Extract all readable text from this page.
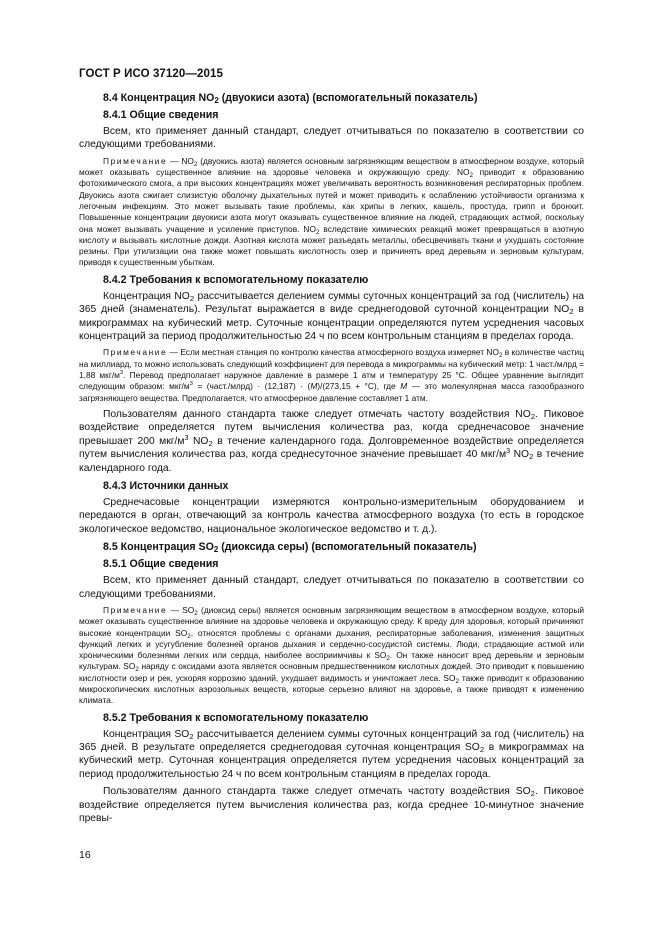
ГОСТ Р ИСО 37120—2015
8.4 Концентрация $NO_2$ (двуокиси азота) (вспомогательный показатель)
8.4.1 Общие сведения

Всем, кто применяет данный стандарт, следует отчитываться по показателю в соответствии со следующими требованиями.

Примечание — $NO_2$ (двуокись азота) является основным загрязняющим веществом в атмосферном воздухе, который может оказывать существенное влияние на здоровье человека и окружающую среду. $NO_2$ приводит к образованию фотохимического смога, а при высоких концентрациях может увеличивать вероятность возникновения респираторных проблем. Двуокись азота сжигает слизистую оболочку дыхательных путей и может приводить к ослаблению устойчивости организма к легочным инфекциям. Это может вызывать такие проблемы, как хрипы в легких, кашель, простуда, грипп и бронхит. Повышенные концентрации двуокиси азота могут оказывать существенное влияние на людей, страдающих астмой, поскольку она может вызывать учащение и усиление приступов. $NO_2$ вследствие химических реакций может превращаться в азотную кислоту и вызывать кислотные дожди. Азотная кислота может разъедать металлы, обесцвечивать ткани и ухудшать состояние резины. При утилизации она также может повышать кислотность озер и причинять вред деревьям и зерновым культурам, приводя к существенным убыткам.

8.4.2 Требования к вспомогательному показателю

Концентрация $NO_2$ рассчитывается делением суммы суточных концентраций за год (числитель) на 365 дней (знаменатель). Результат выражается в виде среднегодовой суточной концентрации $NO_2$ в микрограммах на кубический метр. Суточные концентрации определяются путем усреднения часовых концентраций за период продолжительностью 24 ч по всем контрольным станциям в пределах города.

Примечание — Если местная станция по контролю качества атмосферного воздуха измеряет $NO_2$ в количестве частиц на миллиард, то можно использовать следующий коэффициент для перевода в микрограммы на кубический метр: 1 част./млрд = 1,88 мкг/$м^3$. Перевод предполагает наружное давление в размере 1 атм и температуру 25 °С. Общее уравнение выглядит следующим образом: мкг/$м^3$ = (част./млрд) · (12,187) · (M)/(273,15 + °С), где M — это молекулярная масса газообразного загрязняющего вещества. Предполагается, что атмосферное давление составляет 1 атм.

Пользователям данного стандарта также следует отмечать частоту воздействия $NO_2$. Пиковое воздействие определяется путем вычисления количества раз, когда среднечасовое значение превышает 200 мкг/$м^3$ $NO_2$ в течение календарного года. Долговременное воздействие определяется путем вычисления количества раз, когда среднесуточное значение превышает 40 мкг/$м^3$ $NO_2$ в течение календарного года.

8.4.3 Источники данных

Среднечасовые концентрации измеряются контрольно-измерительным оборудованием и передаются в орган, отвечающий за контроль качества атмосферного воздуха (то есть в городское экологическое ведомство, национальное экологическое ведомство и т. д.).

8.5 Концентрация $SO_2$ (диоксида серы) (вспомогательный показатель)
8.5.1 Общие сведения

Всем, кто применяет данный стандарт, следует отчитываться по показателю в соответствии со следующими требованиями.

Примечание — $SO_2$ (диоксид серы) является основным загрязняющим веществом в атмосферном воздухе, который может оказывать существенное влияние на здоровье человека и окружающую среду. К вреду для здоровья, который причиняют высокие концентрации $SO_2$, относятся проблемы с органами дыхания, респираторные заболевания, изменения защитных функций легких и усугубление болезней органов дыхания и сердечно-сосудистой системы. Люди, страдающие астмой или хроническими болезнями легких или сердца, наиболее восприимчивы к $SO_2$. Он также наносит вред деревьям и зерновым культурам. $SO_2$ наряду с оксидами азота является основным предшественником кислотных дождей. Это приводит к повышению кислотности озер и рек, ускоряя коррозию зданий, ухудшает видимость и уничтожает леса. $SO_2$ также приводит к образованию микроскопических кислотных аэрозольных веществ, которые серьезно влияют на здоровье, а также приводят к изменению климата.

8.5.2 Требования к вспомогательному показателю

Концентрация $SO_2$ рассчитывается делением суммы суточных концентраций за год (числитель) на 365 дней. В результате определяется среднегодовая суточная концентрация $SO_2$ в микрограммах на кубический метр. Суточная концентрация определяется путем усреднения часовых концентраций за период продолжительностью 24 ч по всем контрольным станциям в пределах города.

Пользователям данного стандарта также следует отмечать частоту воздействия $SO_2$. Пиковое воздействие определяется путем вычисления количества раз, когда среднее 10-минутное значение превы-

16
